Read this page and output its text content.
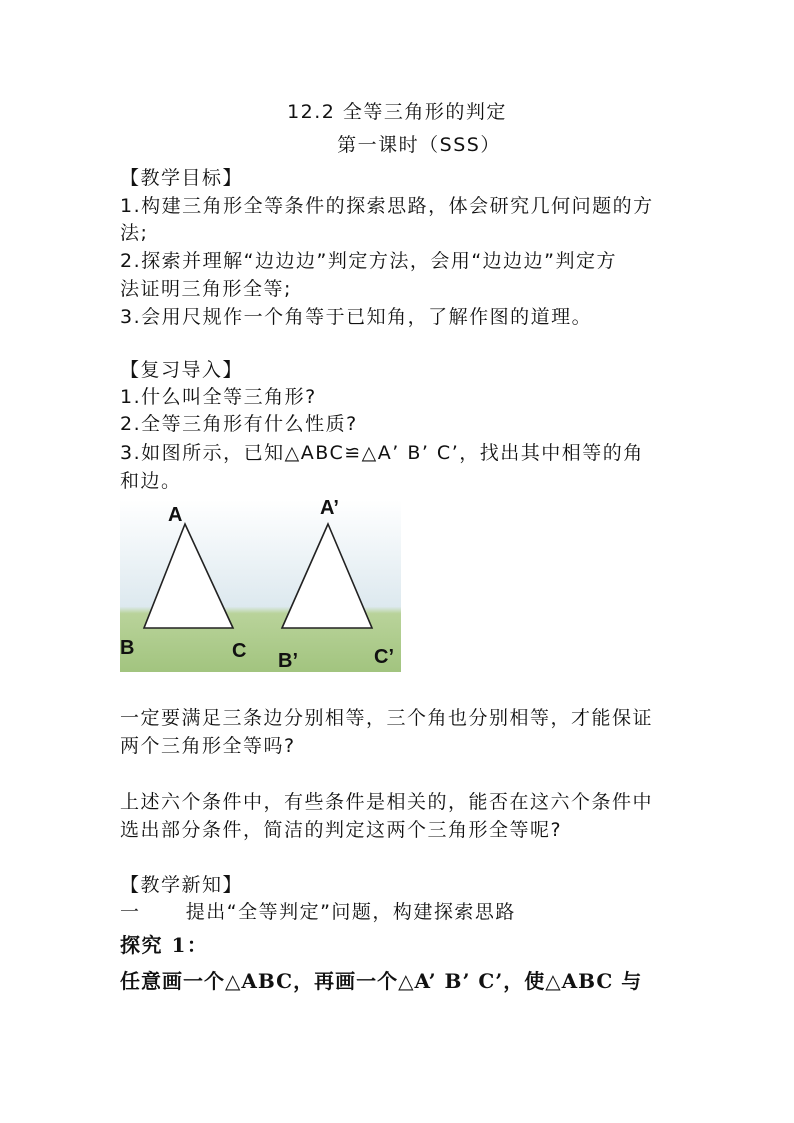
12.2 全等三角形的判定
第一课时（SSS）
【教学目标】
1.构建三角形全等条件的探索思路，体会研究几何问题的方
法;
2.探索并理解“边边边”判定方法，会用“边边边”判定方
法证明三角形全等;
3.会用尺规作一个角等于已知角，了解作图的道理。
【复习导入】
1.什么叫全等三角形?
2.全等三角形有什么性质?
3.如图所示，已知△ABC≌△A’ B’ C’，找出其中相等的角
和边。
A
B	C
A’
B’	C’
一定要满足三条边分别相等，三个角也分别相等，才能保证
两个三角形全等吗?
上述六个条件中，有些条件是相关的，能否在这六个条件中
选出部分条件，简洁的判定这两个三角形全等呢?
【教学新知】
一      提出“全等判定”问题，构建探索思路
探究 1：
任意画一个△ABC，再画一个△A’ B’ C’，使△ABC 与
